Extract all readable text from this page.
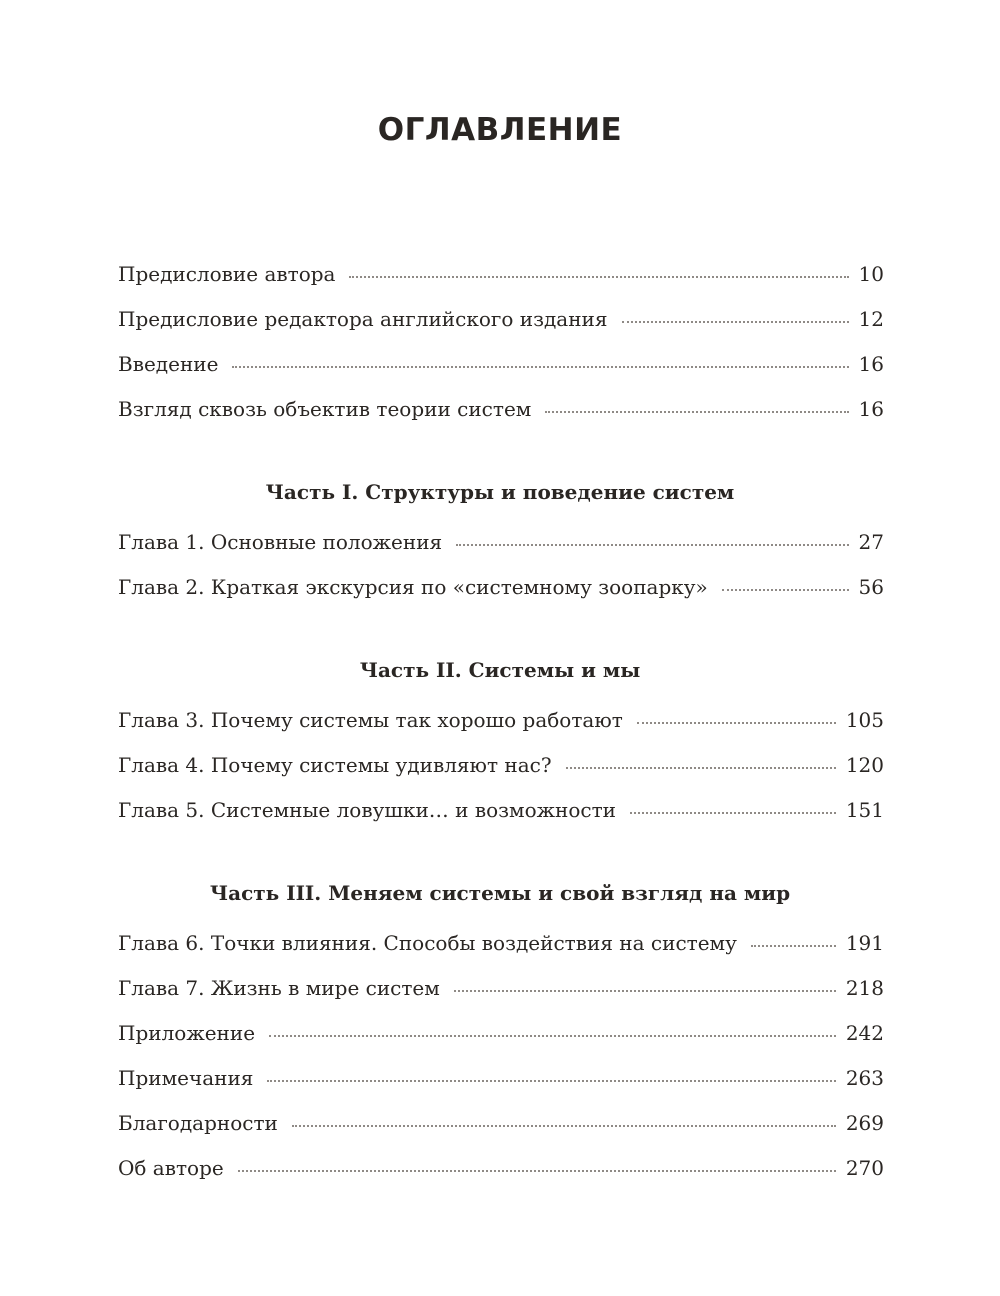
ОГЛАВЛЕНИЕ
Предисловие автора	10
Предисловие редактора английского издания	12
Введение	16
Взгляд сквозь объектив теории систем	16
Часть I. Структуры и поведение систем
Глава 1. Основные положения	27
Глава 2. Краткая экскурсия по «системному зоопарку»	56
Часть II. Системы и мы
Глава 3. Почему системы так хорошо работают	105
Глава 4. Почему системы удивляют нас?	120
Глава 5. Системные ловушки… и возможности	151
Часть III. Меняем системы и свой взгляд на мир
Глава 6. Точки влияния. Способы воздействия на систему	191
Глава 7. Жизнь в мире систем	218
Приложение	242
Примечания	263
Благодарности	269
Об авторе	270
